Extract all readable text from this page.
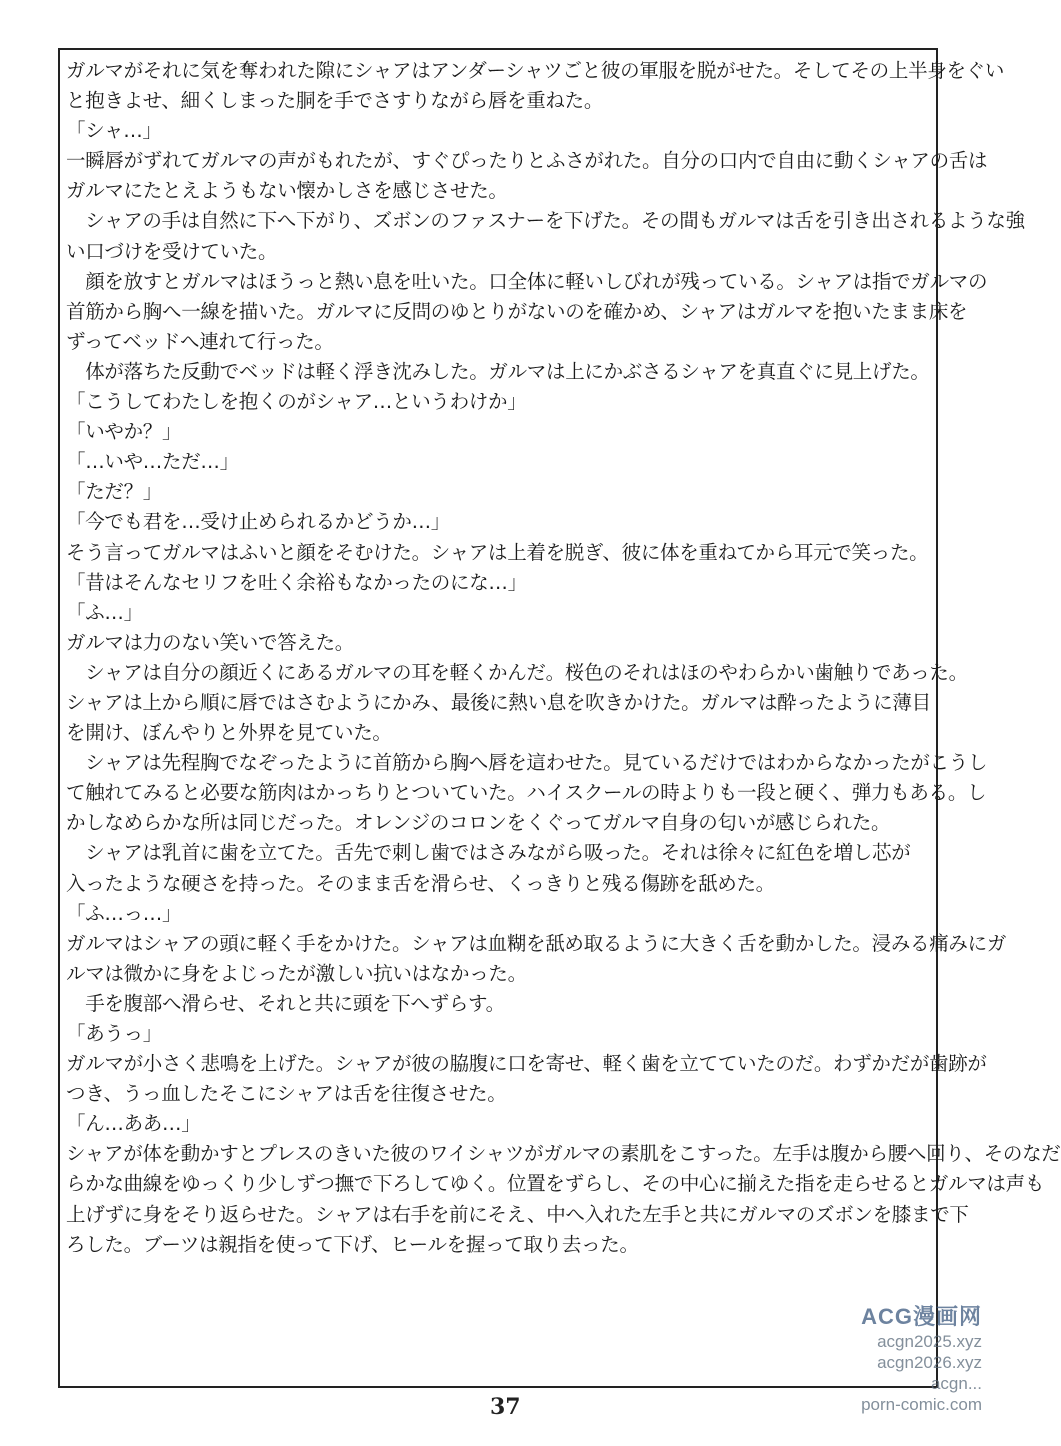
ガルマがそれに気を奪われた隙にシャアはアンダーシャツごと彼の軍服を脱がせた。そしてその上半身をぐい
と抱きよせ、細くしまった胴を手でさすりながら唇を重ねた。
「シャ…」
一瞬唇がずれてガルマの声がもれたが、すぐぴったりとふさがれた。自分の口内で自由に動くシャアの舌は
ガルマにたとえようもない懐かしさを感じさせた。
　シャアの手は自然に下へ下がり、ズボンのファスナーを下げた。その間もガルマは舌を引き出されるような強
い口づけを受けていた。
　顔を放すとガルマはほうっと熱い息を吐いた。口全体に軽いしびれが残っている。シャアは指でガルマの
首筋から胸へ一線を描いた。ガルマに反問のゆとりがないのを確かめ、シャアはガルマを抱いたまま床を
ずってベッドへ連れて行った。
　体が落ちた反動でベッドは軽く浮き沈みした。ガルマは上にかぶさるシャアを真直ぐに見上げた。
「こうしてわたしを抱くのがシャア…というわけか」
「いやか？」
「…いや…ただ…」
「ただ？」
「今でも君を…受け止められるかどうか…」
そう言ってガルマはふいと顔をそむけた。シャアは上着を脱ぎ、彼に体を重ねてから耳元で笑った。
「昔はそんなセリフを吐く余裕もなかったのにな…」
「ふ…」
ガルマは力のない笑いで答えた。
　シャアは自分の顔近くにあるガルマの耳を軽くかんだ。桜色のそれはほのやわらかい歯触りであった。
シャアは上から順に唇ではさむようにかみ、最後に熱い息を吹きかけた。ガルマは酔ったように薄目
を開け、ぼんやりと外界を見ていた。
　シャアは先程胸でなぞったように首筋から胸へ唇を這わせた。見ているだけではわからなかったがこうし
て触れてみると必要な筋肉はかっちりとついていた。ハイスクールの時よりも一段と硬く、弾力もある。し
かしなめらかな所は同じだった。オレンジのコロンをくぐってガルマ自身の匂いが感じられた。
　シャアは乳首に歯を立てた。舌先で刺し歯ではさみながら吸った。それは徐々に紅色を増し芯が
入ったような硬さを持った。そのまま舌を滑らせ、くっきりと残る傷跡を舐めた。
「ふ…っ…」
ガルマはシャアの頭に軽く手をかけた。シャアは血糊を舐め取るように大きく舌を動かした。浸みる痛みにガ
ルマは微かに身をよじったが激しい抗いはなかった。
　手を腹部へ滑らせ、それと共に頭を下へずらす。
「あうっ」
ガルマが小さく悲鳴を上げた。シャアが彼の脇腹に口を寄せ、軽く歯を立てていたのだ。わずかだが歯跡が
つき、うっ血したそこにシャアは舌を往復させた。
「ん…ああ…」
シャアが体を動かすとプレスのきいた彼のワイシャツがガルマの素肌をこすった。左手は腹から腰へ回り、そのなだ
らかな曲線をゆっくり少しずつ撫で下ろしてゆく。位置をずらし、その中心に揃えた指を走らせるとガルマは声も
上げずに身をそり返らせた。シャアは右手を前にそえ、中へ入れた左手と共にガルマのズボンを膝まで下
ろした。ブーツは親指を使って下げ、ヒールを握って取り去った。
37
ACG漫画网
acgn2025.xyz
acgn2026.xyz
acgn...
porn-comic.com
